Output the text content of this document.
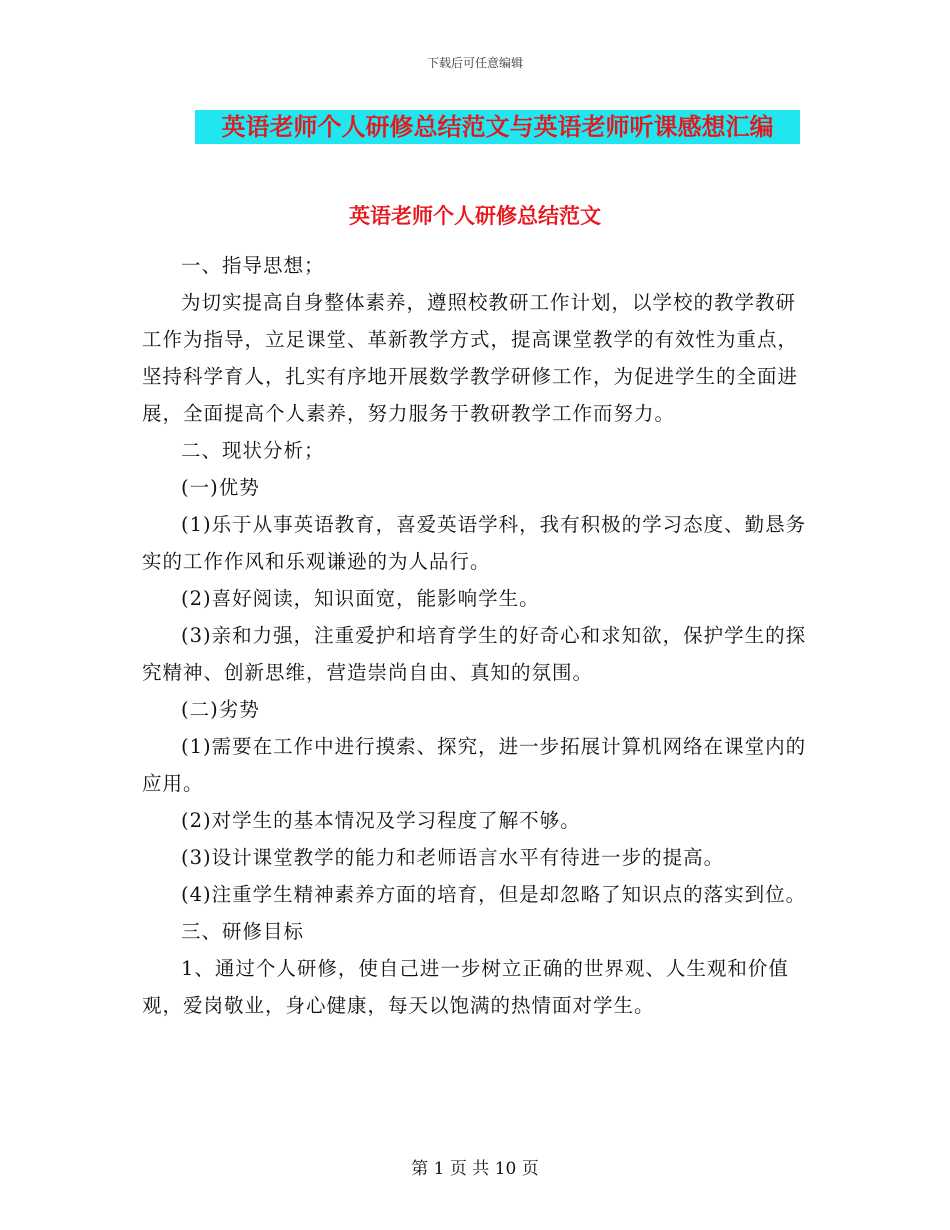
下载后可任意编辑
英语老师个人研修总结范文与英语老师听课感想汇编
英语老师个人研修总结范文

一、指导思想；

为切实提高自身整体素养，遵照校教研工作计划，以学校的教学教研工作为指导，立足课堂、革新教学方式，提高课堂教学的有效性为重点，坚持科学育人，扎实有序地开展数学教学研修工作，为促进学生的全面进展，全面提高个人素养，努力服务于教研教学工作而努力。

二、现状分析；

(一)优势

(1)乐于从事英语教育，喜爱英语学科，我有积极的学习态度、勤恳务实的工作作风和乐观谦逊的为人品行。

(2)喜好阅读，知识面宽，能影响学生。

(3)亲和力强，注重爱护和培育学生的好奇心和求知欲，保护学生的探究精神、创新思维，营造崇尚自由、真知的氛围。

(二)劣势

(1)需要在工作中进行摸索、探究，进一步拓展计算机网络在课堂内的应用。

(2)对学生的基本情况及学习程度了解不够。

(3)设计课堂教学的能力和老师语言水平有待进一步的提高。

(4)注重学生精神素养方面的培育，但是却忽略了知识点的落实到位。

三、研修目标

1、通过个人研修，使自己进一步树立正确的世界观、人生观和价值观，爱岗敬业，身心健康，每天以饱满的热情面对学生。

第 1 页 共 10 页
